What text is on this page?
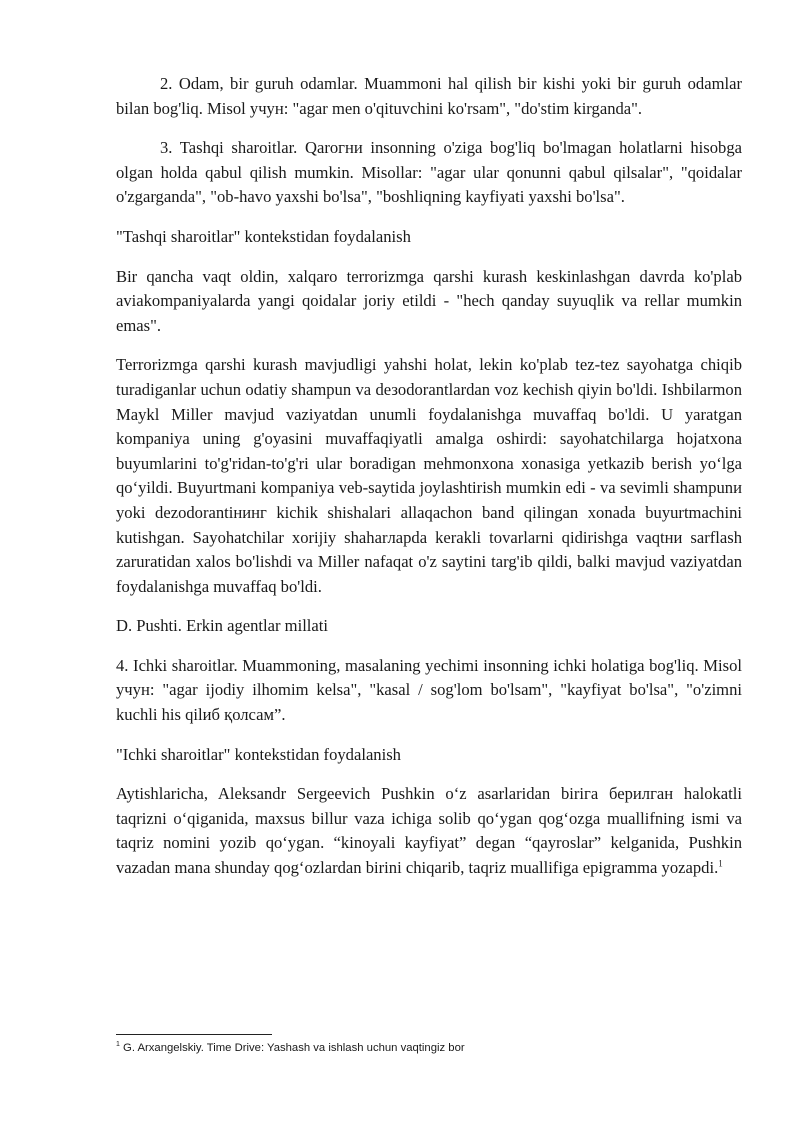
2. Odam, bir guruh odamlar. Muammoni hal qilish bir kishi yoki bir guruh odamlar bilan bog'liq. Misol учун: "agar men o'qituvchini ko'rsam", "do'stim kirganda".

3. Tashqi sharoitlar. Qarогни insonning o'ziga bog'liq bo'lmagan holatlarni hisobga olgan holda qabul qilish mumkin. Misollar: "agar ular qonunni qabul qilsalar", "qoidalar o'zgarganda", "ob-havo yaxshi bo'lsa", "boshliqning kayfiyati yaxshi bo'lsa".

"Tashqi sharoitlar" kontekstidan foydalanish

Bir qancha vaqt oldin, xalqaro terrorizmga qarshi kurash keskinlashgan davrda ko'plab aviakompaniyalarda yangi qoidalar joriy etildi - "hech qanday suyuqlik va rellar mumkin emas".

Terrorizmga qarshi kurash mavjudligi yahshi holat, lekin ko'plab tez-tez sayohatga chiqib turadiganlar uchun odatiy shampun va dезodorantlardan voz kechish qiyin bo'ldi. Ishbilarmon Maykl Miller mavjud vaziyatdan unumli foydalanishga muvaffaq bo'ldi. U yaratgan kompaniya uning g'oyasini muvaffaqiyatli amalga oshirdi: sayohatchilarga hojatxona buyumlarini to'g'ridan-to'g'ri ular boradigan mehmonxona xonasiga yetkazib berish yo‘lga qo‘yildi. Buyurtmani kompaniya veb-saytida joylashtirish mumkin edi - va sevimli shampunи yoki dezodorantiнинг kichik shishalari allaqachon band qilingan xonada buyurtmachini kutishgan. Sayohatchilar xorijiy shaharларda kerakli tovarlarni qidirishga vaqtни sarflash zaruratidan xalos bo'lishdi va Miller nafaqat o'z saytini targ'ib qildi, balki mavjud vaziyatdan foydalanishga muvaffaq bo'ldi.

D. Pushti. Erkin agentlar millati

4. Ichki sharoitlar. Muammoning, masalaning yechimi insonning ichki holatiga bog'liq. Misol учун: "agar ijodiy ilhomim kelsa", "kasal / sog'lom bo'lsam", "kayfiyat bo'lsa", "o'zimni kuchli his qilиб қолсам”.

"Ichki sharoitlar" kontekstidan foydalanish

Aytishlaricha, Aleksandr Sergeevich Pushkin o‘z asarlaridan biriга берилган halokatli taqrizni o‘qiganida, maxsus billur vaza ichiga solib qo‘ygan qog‘ozga muallifning ismi va taqriz nomini yozib qo‘ygan. “kinoyali kayfiyat” degan “qayroslar” kelganida, Pushkin vazadan mana shunday qog‘ozlardan birini chiqarib, taqriz muallifiga epigramma yozapdi.$^1$

$^1$ G. Arxangelskiy. Time Drive: Yashash va ishlash uchun vaqtingiz bor
